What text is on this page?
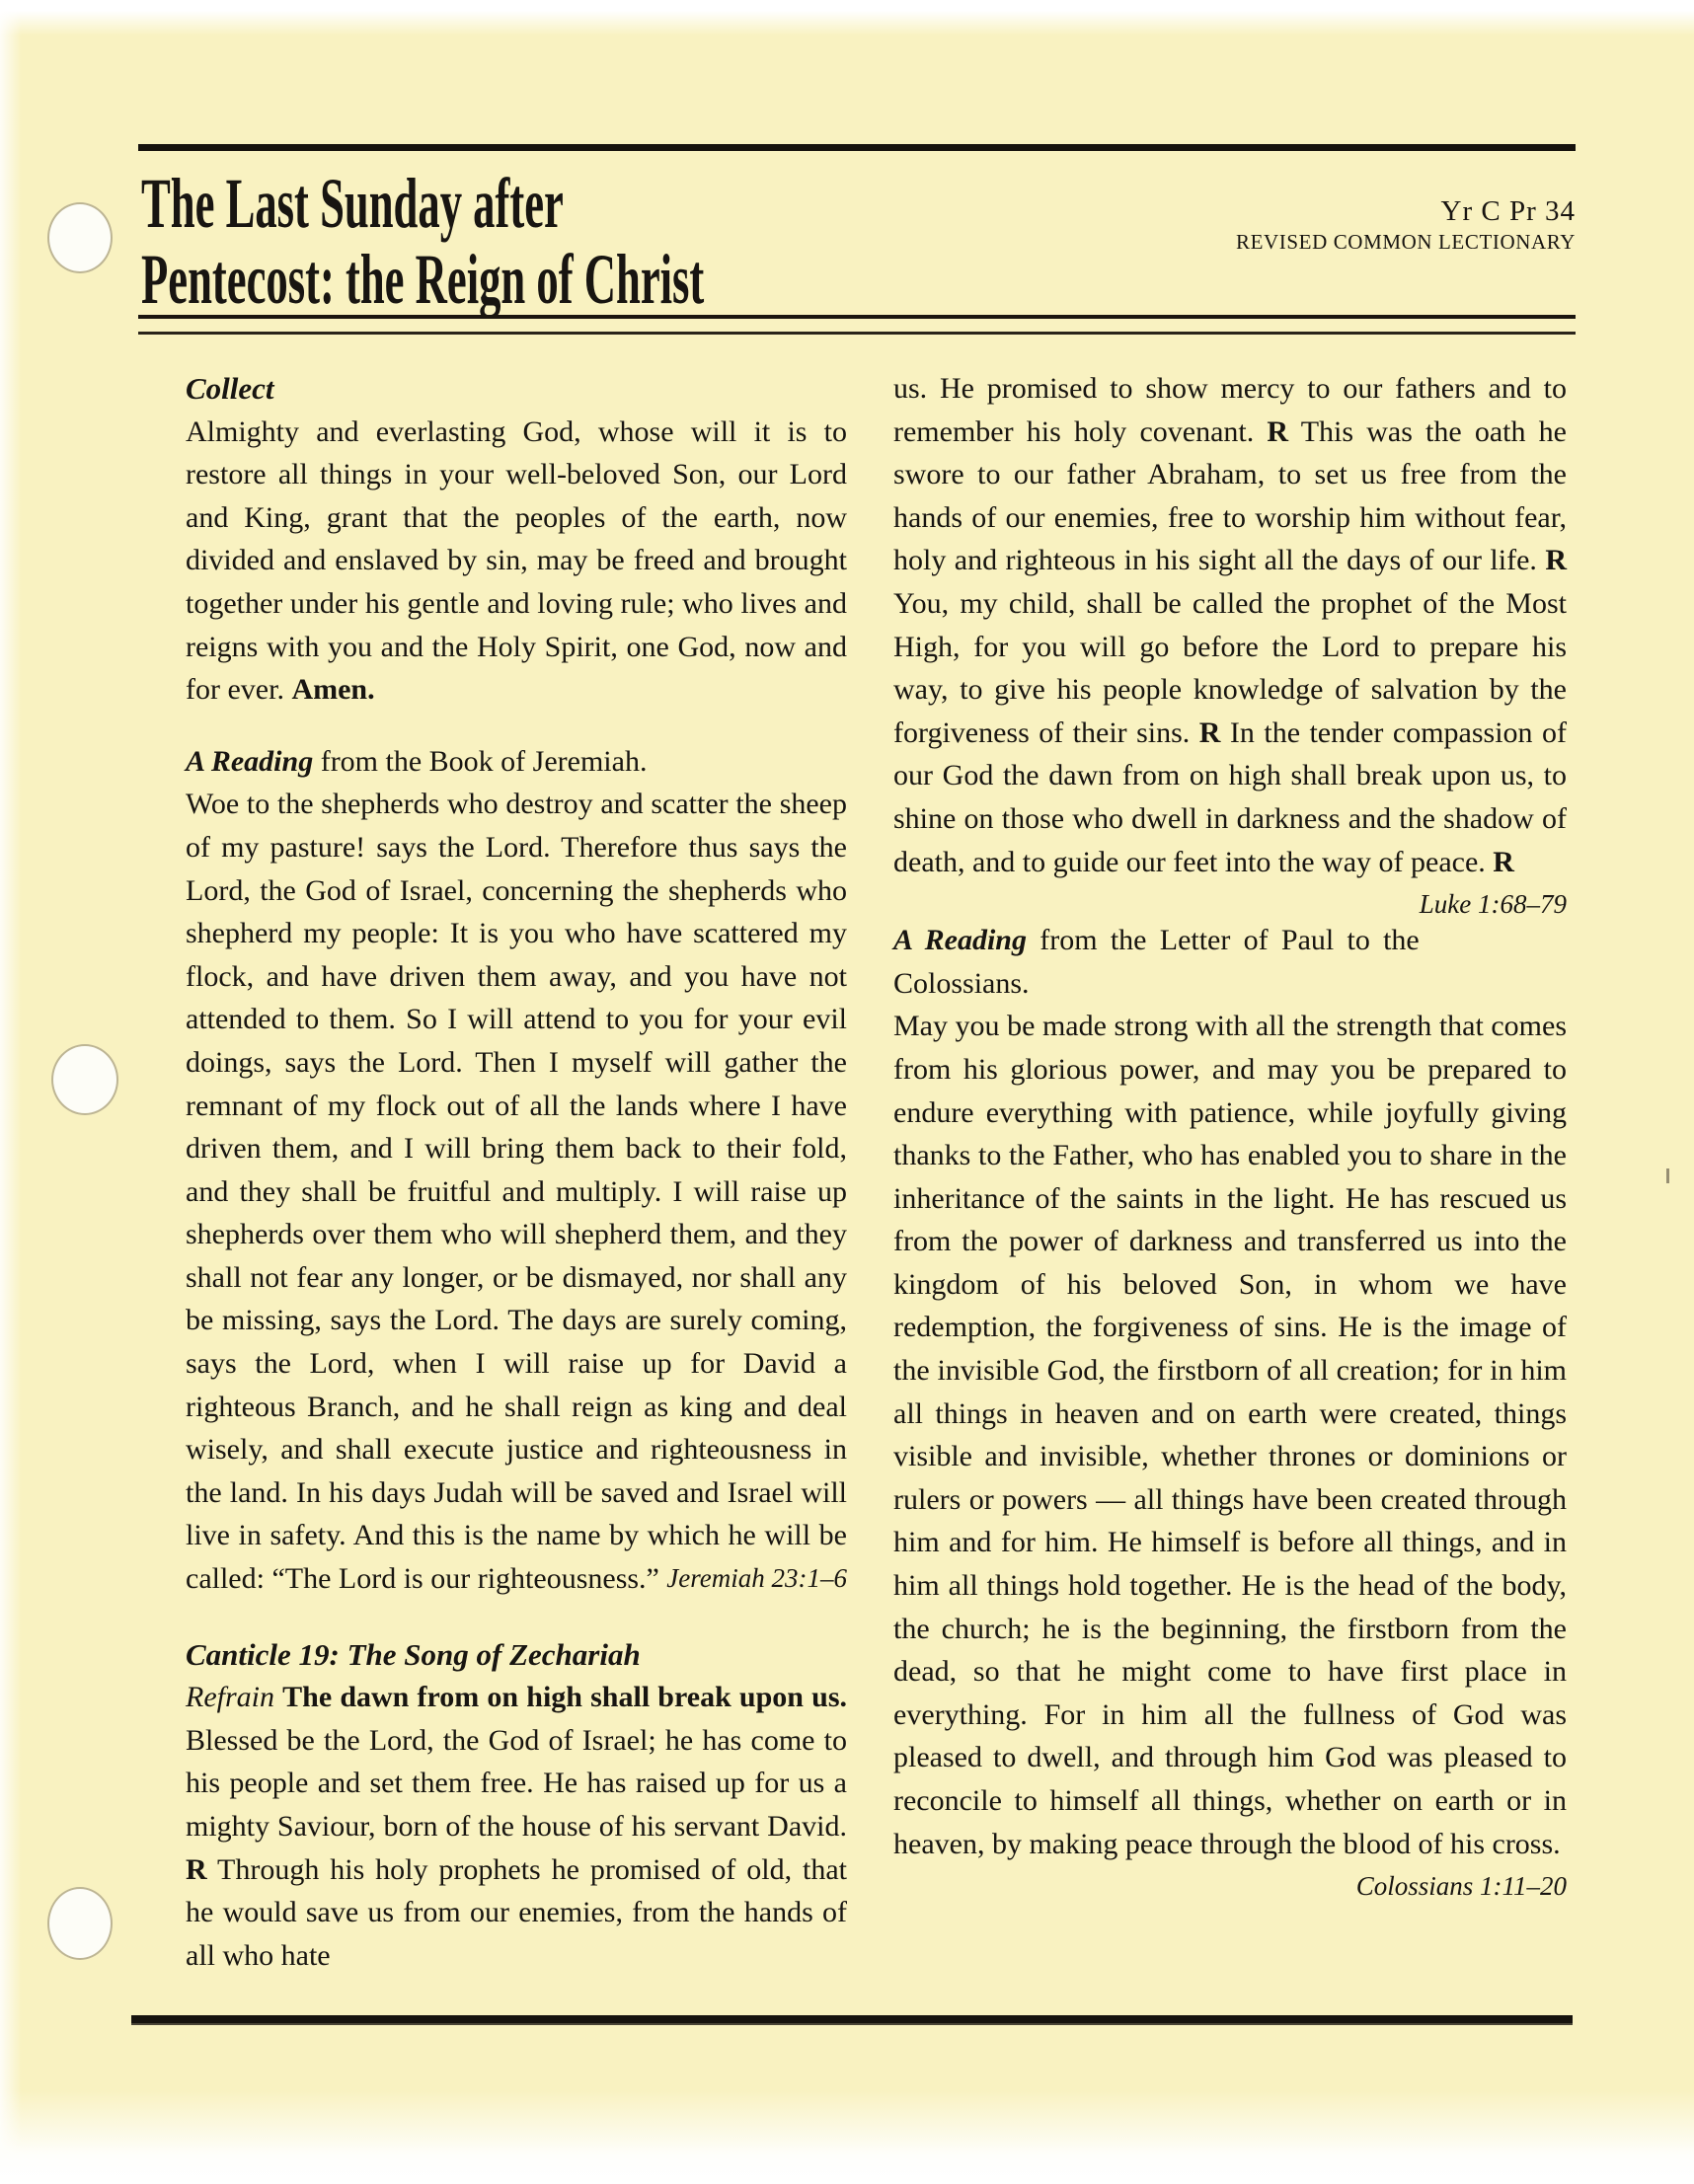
The Last Sunday after
Pentecost: the Reign of Christ
Yr C Pr 34
REVISED COMMON LECTIONARY
Collect

Almighty and everlasting God, whose will it is to restore all things in your well-beloved Son, our Lord and King, grant that the peoples of the earth, now divided and enslaved by sin, may be freed and brought together under his gentle and loving rule; who lives and reigns with you and the Holy Spirit, one God, now and for ever. Amen.

A Reading from the Book of Jeremiah.

Woe to the shepherds who destroy and scatter the sheep of my pasture! says the Lord. Therefore thus says the Lord, the God of Israel, concerning the shepherds who shepherd my people: It is you who have scattered my flock, and have driven them away, and you have not attended to them. So I will attend to you for your evil doings, says the Lord. Then I myself will gather the remnant of my flock out of all the lands where I have driven them, and I will bring them back to their fold, and they shall be fruitful and multiply. I will raise up shepherds over them who will shepherd them, and they shall not fear any longer, or be dismayed, nor shall any be missing, says the Lord. The days are surely coming, says the Lord, when I will raise up for David a righteous Branch, and he shall reign as king and deal wisely, and shall execute justice and righteousness in the land. In his days Judah will be saved and Israel will live in safety. And this is the name by which he will be called: “The Lord is our righteousness.” Jeremiah 23:1–6

Canticle 19: The Song of Zechariah

Refrain The dawn from on high shall break upon us. Blessed be the Lord, the God of Israel; he has come to his people and set them free. He has raised up for us a mighty Saviour, born of the house of his servant David. R Through his holy prophets he promised of old, that he would save us from our enemies, from the hands of all who hate

us. He promised to show mercy to our fathers and to remember his holy covenant. R This was the oath he swore to our father Abraham, to set us free from the hands of our enemies, free to worship him without fear, holy and righteous in his sight all the days of our life. R You, my child, shall be called the prophet of the Most High, for you will go before the Lord to prepare his way, to give his people knowledge of salvation by the forgiveness of their sins. R In the tender compassion of our God the dawn from on high shall break upon us, to shine on those who dwell in darkness and the shadow of death, and to guide our feet into the way of peace. R
Luke 1:68–79

A Reading from the Letter of Paul to the Colossians.

May you be made strong with all the strength that comes from his glorious power, and may you be prepared to endure everything with patience, while joyfully giving thanks to the Father, who has enabled you to share in the inheritance of the saints in the light. He has rescued us from the power of darkness and transferred us into the kingdom of his beloved Son, in whom we have redemption, the forgiveness of sins. He is the image of the invisible God, the firstborn of all creation; for in him all things in heaven and on earth were created, things visible and invisible, whether thrones or dominions or rulers or powers — all things have been created through him and for him. He himself is before all things, and in him all things hold together. He is the head of the body, the church; he is the beginning, the firstborn from the dead, so that he might come to have first place in everything. For in him all the fullness of God was pleased to dwell, and through him God was pleased to reconcile to himself all things, whether on earth or in heaven, by making peace through the blood of his cross.
Colossians 1:11–20
